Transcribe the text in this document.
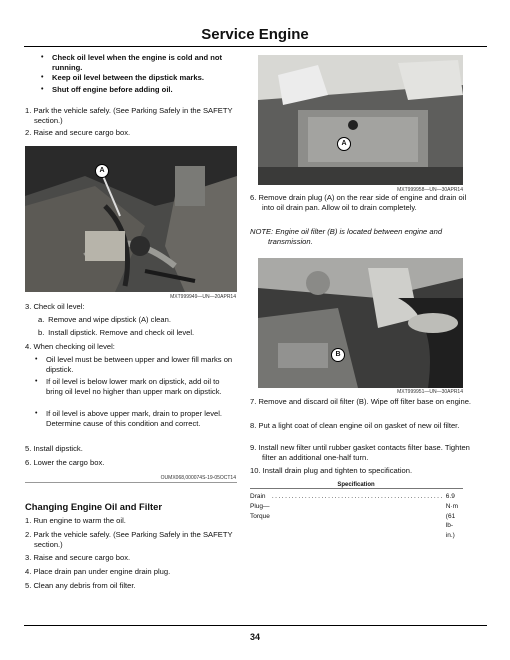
Service Engine
• Check oil level when the engine is cold and not running.
• Keep oil level between the dipstick marks.
• Shut off engine before adding oil.
1. Park the vehicle safely. (See Parking Safely in the SAFETY section.)
2. Raise and secure cargo box.
A
MXT999949—UN—20APR14
3. Check oil level:
a. Remove and wipe dipstick (A) clean.
b. Install dipstick. Remove and check oil level.
4. When checking oil level:
• Oil level must be between upper and lower fill marks on dipstick.
• If oil level is below lower mark on dipstick, add oil to bring oil level no higher than upper mark on dipstick.
• If oil level is above upper mark, drain to proper level. Determine cause of this condition and correct.
5. Install dipstick.
6. Lower the cargo box.
OUMX068,000074S-19-05OCT14
Changing Engine Oil and Filter
1. Run engine to warm the oil.
2. Park the vehicle safely. (See Parking Safely in the SAFETY section.)
3. Raise and secure cargo box.
4. Place drain pan under engine drain plug.
5. Clean any debris from oil filter.
A
MXT999958—UN—30APR14
6. Remove drain plug (A) on the rear side of engine and drain oil into oil drain pan. Allow oil to drain completely.
NOTE: Engine oil filter (B) is located between engine and transmission.
B
MXT999951—UN—30APR14
7. Remove and discard oil filter (B). Wipe off filter base on engine.
8. Put a light coat of clean engine oil on gasket of new oil filter.
9. Install new filter until rubber gasket contacts filter base. Tighten filter an additional one-half turn.
10. Install drain plug and tighten to specification.
Specification
Drain Plug—Torque
.................................................... 6.9 N·m (61 lb-in.)
34
